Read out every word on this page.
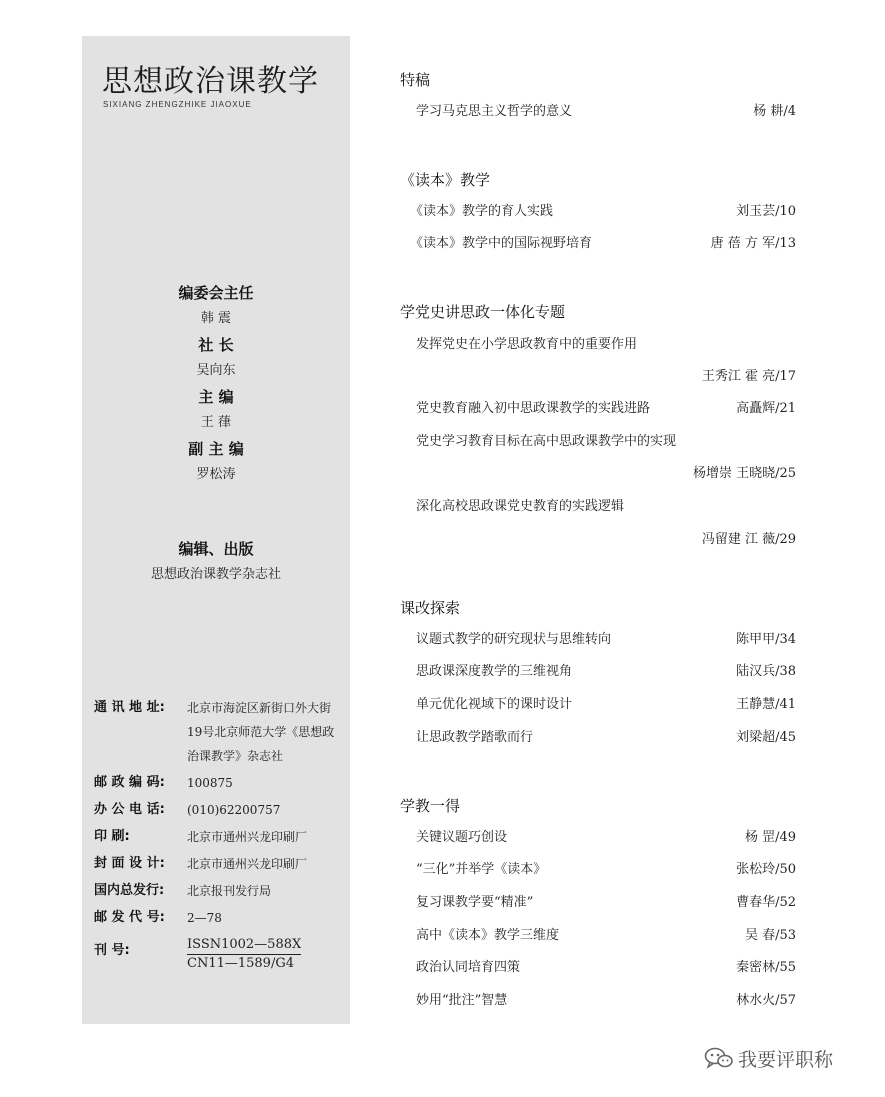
思想政治课教学
SIXIANG ZHENGZHIKE JIAOXUE
编委会主任
韩 震
社 长
吴向东
主 编
王 葎
副 主 编
罗松涛
编辑、出版
思想政治课教学杂志社
通 讯 地 址:	北京市海淀区新街口外大街19号北京师范大学《思想政治课教学》杂志社
邮 政 编 码:	100875
办 公 电 话:	(010)62200757
印 刷:	北京市通州兴龙印刷厂
封 面 设 计:	北京市通州兴龙印刷厂
国内总发行:	北京报刊发行局
邮 发 代 号:	2—78
刊 号:	ISSN1002—588X
CN11—1589/G4
特稿
学习马克思主义哲学的意义	杨 耕/4
《读本》教学
《读本》教学的育人实践	刘玉芸/10
《读本》教学中的国际视野培育	唐 蓓 方 军/13
学党史讲思政一体化专题
发挥党史在小学思政教育中的重要作用
王秀江 霍 亮/17
党史教育融入初中思政课教学的实践进路	高矗辉/21
党史学习教育目标在高中思政课教学中的实现
杨增崇 王晓晓/25
深化高校思政课党史教育的实践逻辑
冯留建 江 薇/29
课改探索
议题式教学的研究现状与思维转向	陈甲甲/34
思政课深度教学的三维视角	陆汉兵/38
单元优化视域下的课时设计	王静慧/41
让思政教学踏歌而行	刘梁超/45
学教一得
关键议题巧创设	杨 罡/49
“三化”并举学《读本》	张松玲/50
复习课教学要“精准”	曹春华/52
高中《读本》教学三维度	吴 春/53
政治认同培育四策	秦密林/55
妙用“批注”智慧	林水火/57
我要评职称
